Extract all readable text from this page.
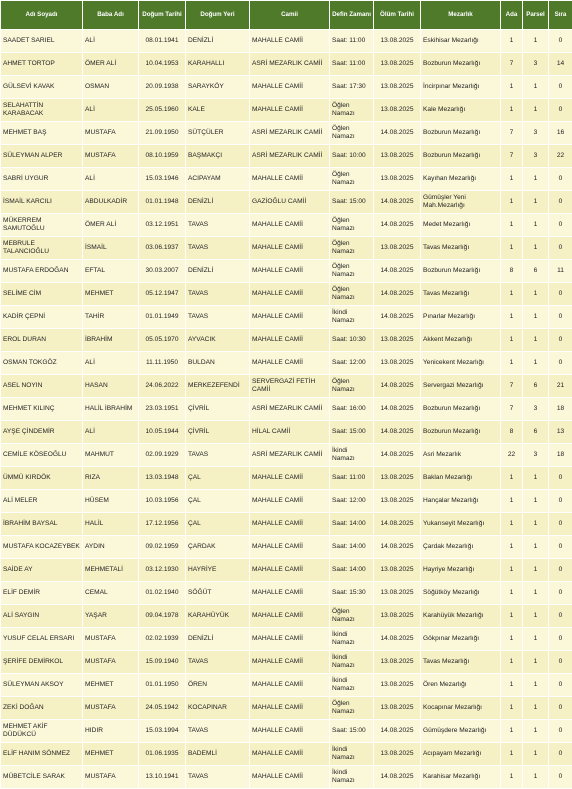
Adı Soyadı	Baba Adı	Doğum Tarihi	Doğum Yeri	Camii	Defin Zamanı	Ölüm Tarihi	Mezarlık	Ada	Parsel	Sıra
SAADET SARIEL	ALİ	08.01.1941	DENİZLİ	MAHALLE CAMİİ	Saat: 11:00	13.08.2025	Eskihisar Mezarlığı	1	1	0
AHMET TORTOP	ÖMER ALİ	10.04.1953	KARAHALLI	ASRİ MEZARLIK CAMİİ	Saat: 11:00	13.08.2025	Bozburun Mezarlığı	7	3	14
GÜLSEVİ KAVAK	OSMAN	20.09.1938	SARAYKÖY	MAHALLE CAMİİ	Saat: 17:30	13.08.2025	İncirpınar Mezarlığı	1	1	0
SELAHATTİN KARABACAK	ALİ	25.05.1960	KALE	MAHALLE CAMİİ	Öğlen Namazı	13.08.2025	Kale Mezarlığı	1	1	0
MEHMET BAŞ	MUSTAFA	21.09.1950	SÜTÇÜLER	ASRİ MEZARLIK CAMİİ	Öğlen Namazı	14.08.2025	Bozburun Mezarlığı	7	3	16
SÜLEYMAN ALPER	MUSTAFA	08.10.1959	BAŞMAKÇI	ASRİ MEZARLIK CAMİİ	Saat: 10:00	13.08.2025	Bozburun Mezarlığı	7	3	22
SABRİ UYGUR	ALİ	15.03.1946	ACIPAYAM	MAHALLE CAMİİ	Öğlen Namazı	13.08.2025	Kayıhan Mezarlığı	1	1	0
İSMAİL KARCILI	ABDULKADİR	01.01.1948	DENİZLİ	GAZİOĞLU CAMİİ	Saat: 15:00	14.08.2025	Gümüşler Yeni Mah.Mezarlığı	1	1	0
MÜKERREM SAMUTOĞLU	ÖMER ALİ	03.12.1951	TAVAS	MAHALLE CAMİİ	Öğlen Namazı	14.08.2025	Medet Mezarlığı	1	1	0
MEBRULE TALANCIOĞLU	İSMAİL	03.06.1937	TAVAS	MAHALLE CAMİİ	Öğlen Namazı	13.08.2025	Tavas Mezarlığı	1	1	0
MUSTAFA ERDOĞAN	EFTAL	30.03.2007	DENİZLİ	MAHALLE CAMİİ	Öğlen Namazı	14.08.2025	Bozburun Mezarlığı	8	6	11
SELİME CİM	MEHMET	05.12.1947	TAVAS	MAHALLE CAMİİ	Öğlen Namazı	14.08.2025	Tavas Mezarlığı	1	1	0
KADİR ÇEPNİ	TAHİR	01.01.1949	TAVAS	MAHALLE CAMİİ	İkindi Namazı	14.08.2025	Pınarlar Mezarlığı	1	1	0
EROL DURAN	İBRAHİM	05.05.1970	AYVACIK	MAHALLE CAMİİ	Saat: 10:30	13.08.2025	Akkent Mezarlığı	1	1	0
OSMAN TOKGÖZ	ALİ	11.11.1950	BULDAN	MAHALLE CAMİİ	Saat: 12:00	13.08.2025	Yenicekent Mezarlığı	1	1	0
ASEL NOYIN	HASAN	24.06.2022	MERKEZEFENDİ	SERVERGAZİ FETİH CAMİİ	Öğlen Namazı	14.08.2025	Servergazi Mezarlığı	7	6	21
MEHMET KILINÇ	HALİL İBRAHİM	23.03.1951	ÇİVRİL	ASRİ MEZARLIK CAMİİ	Saat: 16:00	14.08.2025	Bozburun Mezarlığı	7	3	18
AYŞE ÇİNDEMİR	ALİ	10.05.1944	ÇİVRİL	HİLAL CAMİİ	Saat: 15:00	14.08.2025	Bozburun Mezarlığı	8	6	13
CEMİLE KÖSEOĞLU	MAHMUT	02.09.1929	TAVAS	ASRİ MEZARLIK CAMİİ	İkindi Namazı	14.08.2025	Asri Mezarlık	22	3	18
ÜMMÜ KIRDÖK	RIZA	13.03.1948	ÇAL	MAHALLE CAMİİ	Saat: 11:00	13.08.2025	Baklan Mezarlığı	1	1	0
ALİ MELER	HÜSEM	10.03.1956	ÇAL	MAHALLE CAMİİ	Saat: 12:00	13.08.2025	Hançalar Mezarlığı	1	1	0
İBRAHİM BAYSAL	HALİL	17.12.1956	ÇAL	MAHALLE CAMİİ	Saat: 14:00	14.08.2025	Yukarıseyit Mezarlığı	1	1	0
MUSTAFA KOCAZEYBEK	AYDIN	09.02.1959	ÇARDAK	MAHALLE CAMİİ	Saat: 14:00	14.08.2025	Çardak Mezarlığı	1	1	0
SAİDE AY	MEHMETALİ	03.12.1930	HAYRİYE	MAHALLE CAMİİ	Saat: 14:00	13.08.2025	Hayriye Mezarlığı	1	1	0
ELİF DEMİR	CEMAL	01.02.1940	SÖĞÜT	MAHALLE CAMİİ	Saat: 15:30	13.08.2025	Söğütköy Mezarlığı	1	1	0
ALİ SAYGIN	YAŞAR	09.04.1978	KARAHÜYÜK	MAHALLE CAMİİ	Öğlen Namazı	13.08.2025	Karahüyük Mezarlığı	1	1	0
YUSUF CELAL ERSARI	MUSTAFA	02.02.1939	DENİZLİ	MAHALLE CAMİİ	İkindi Namazı	14.08.2025	Gökpınar Mezarlığı	1	1	0
ŞERİFE DEMİRKOL	MUSTAFA	15.09.1940	TAVAS	MAHALLE CAMİİ	İkindi Namazı	13.08.2025	Tavas Mezarlığı	1	1	0
SÜLEYMAN AKSOY	MEHMET	01.01.1950	ÖREN	MAHALLE CAMİİ	İkindi Namazı	13.08.2025	Ören Mezarlığı	1	1	0
ZEKİ DOĞAN	MUSTAFA	24.05.1942	KOCAPINAR	MAHALLE CAMİİ	Öğlen Namazı	13.08.2025	Kocapınar Mezarlığı	1	1	0
MEHMET AKİF DÜDÜKCÜ	HIDIR	15.03.1994	TAVAS	MAHALLE CAMİİ	Saat: 15:00	14.08.2025	Gümüşdere Mezarlığı	1	1	0
ELİF HANIM SÖNMEZ	MEHMET	01.06.1935	BADEMLİ	MAHALLE CAMİİ	İkindi Namazı	13.08.2025	Acıpayam Mezarlığı	1	1	0
MÜBETCİLE SARAK	MUSTAFA	13.10.1941	TAVAS	MAHALLE CAMİİ	İkindi Namazı	14.08.2025	Karahisar Mezarlığı	1	1	0
